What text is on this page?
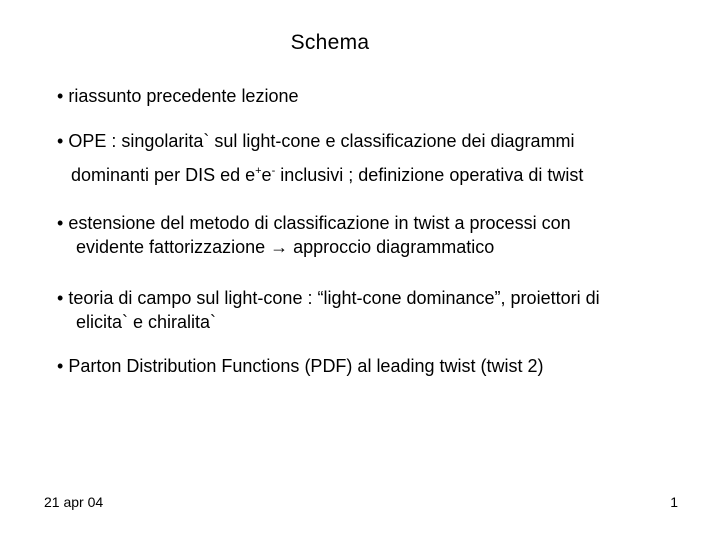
Schema
• riassunto precedente lezione
• OPE : singolarita` sul light-cone e classificazione dei diagrammi
dominanti per DIS ed e+e- inclusivi ; definizione operativa di twist
• estensione del metodo di classificazione in twist a processi con
evidente fattorizzazione → approccio diagrammatico
• teoria di campo sul light-cone : “light-cone dominance”, proiettori di
elicita` e chiralita`
• Parton Distribution Functions (PDF) al leading twist (twist 2)
21 apr 04	1
